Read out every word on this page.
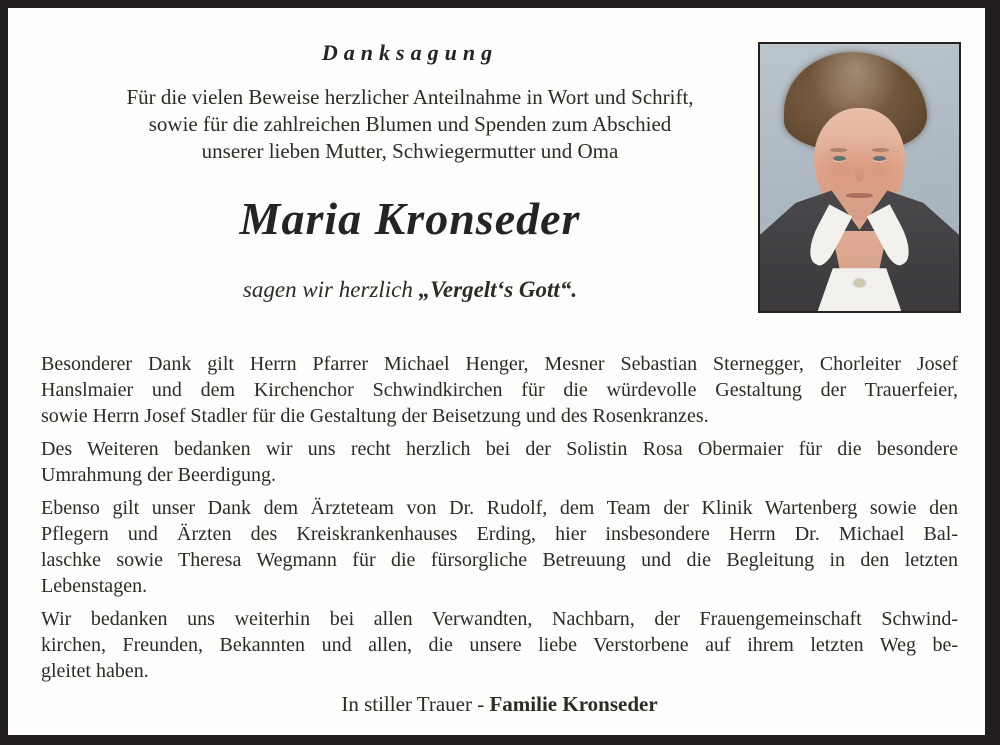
Danksagung
Für die vielen Beweise herzlicher Anteilnahme in Wort und Schrift,
sowie für die zahlreichen Blumen und Spenden zum Abschied
unserer lieben Mutter, Schwiegermutter und Oma
Maria Kronseder
sagen wir herzlich „Vergelt‘s Gott“.
Besonderer Dank gilt Herrn Pfarrer Michael Henger, Mesner Sebastian Sternegger, Chorleiter Josef
Hanslmaier und dem Kirchenchor Schwindkirchen für die würdevolle Gestaltung der Trauerfeier,
sowie Herrn Josef Stadler für die Gestaltung der Beisetzung und des Rosenkranzes.
Des Weiteren bedanken wir uns recht herzlich bei der Solistin Rosa Obermaier für die besondere
Umrahmung der Beerdigung.
Ebenso gilt unser Dank dem Ärzteteam von Dr. Rudolf, dem Team der Klinik Wartenberg sowie den
Pflegern und Ärzten des Kreiskrankenhauses Erding, hier insbesondere Herrn Dr. Michael Bal-
laschke sowie Theresa Wegmann für die fürsorgliche Betreuung und die Begleitung in den letzten
Lebenstagen.
Wir bedanken uns weiterhin bei allen Verwandten, Nachbarn, der Frauengemeinschaft Schwind-
kirchen, Freunden, Bekannten und allen, die unsere liebe Verstorbene auf ihrem letzten Weg be-
gleitet haben.
In stiller Trauer - Familie Kronseder
